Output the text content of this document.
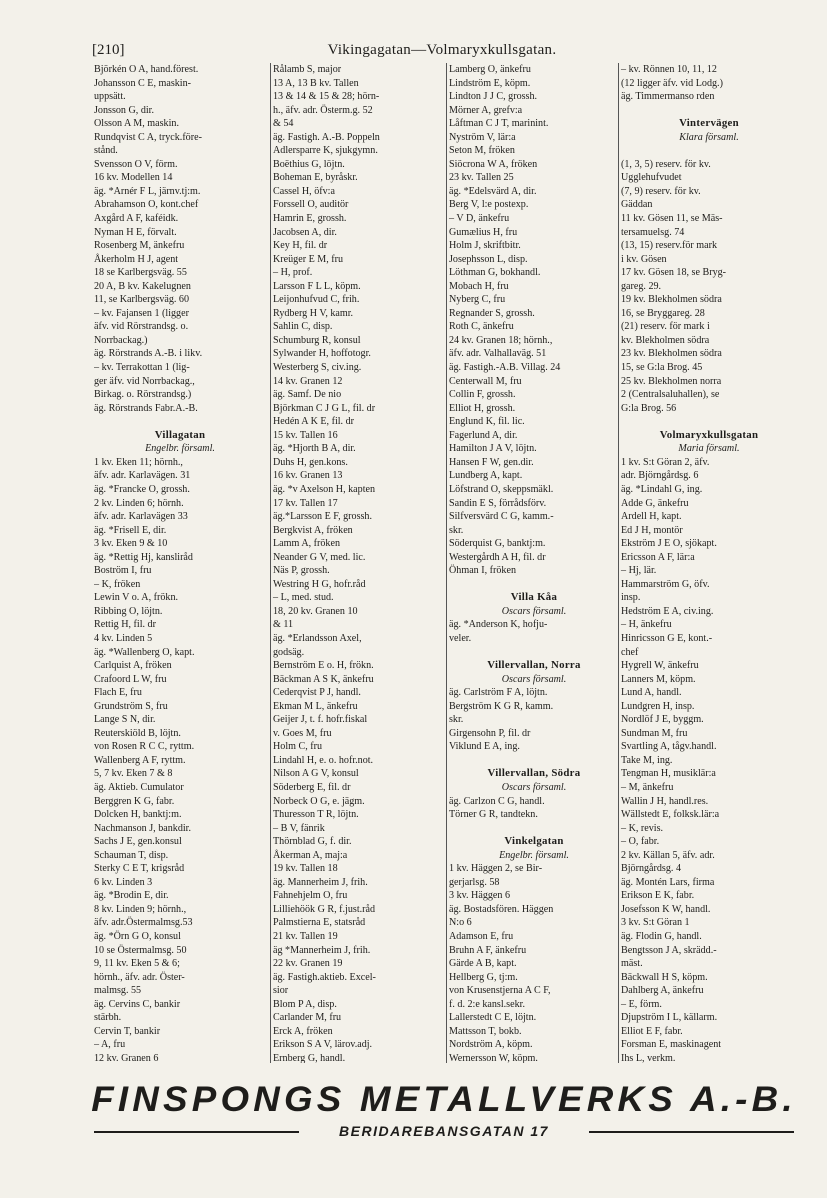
[210]	Vikingagatan—Volmaryxkullsgatan.
Björkén O A, hand.förest.
Johansson C E, maskin-
uppsätt.
Jonsson G, dir.
Olsson A M, maskin.
Rundqvist C A, tryck.före-
stånd.
Svensson O V, förm.
16 kv. Modellen 14
äg. *Arnér F L, järnv.tj:m.
Abrahamson O, kont.chef
Axgård A F, kaféidk.
Nyman H E, förvalt.
Rosenberg M, änkefru
Åkerholm H J, agent
18 se Karlbergsväg. 55
20 A, B kv. Kakelugnen
11, se Karlbergsväg. 60
– kv. Fajansen 1 (ligger
äfv. vid Rörstrandsg. o.
Norrbackag.)
äg. Rörstrands A.-B. i likv.
– kv. Terrakottan 1 (lig-
ger äfv. vid Norrbackag.,
Birkag. o. Rörstrandsg.)
äg. Rörstrands Fabr.A.-B.
Villagatan
Engelbr. församl.
1 kv. Eken 11; hörnh.,
äfv. adr. Karlavägen. 31
äg. *Francke O, grossh.
2 kv. Linden 6; hörnh.
äfv. adr. Karlavägen 33
äg. *Frisell E, dir.
3 kv. Eken 9 & 10
äg. *Rettig Hj, kanslіråd
Boström I, fru
– K, fröken
Lewin V o. A, frökn.
Ribbing O, löjtn.
Rettig H, fil. dr
4 kv. Linden 5
äg. *Wallenberg O, kapt.
Carlquist A, fröken
Crafoord L W, fru
Flach E, fru
Grundström S, fru
Lange S N, dir.
Reuterskiöld B, löjtn.
von Rosen R C C, ryttm.
Wallenberg A F, ryttm.
5, 7 kv. Eken 7 & 8
äg. Aktieb. Cumulator
Berggren K G, fabr.
Dolcken H, banktj:m.
Nachmanson J, bankdir.
Sachs J E, gen.konsul
Schauman T, disp.
Sterky C E T, krigsråd
6 kv. Linden 3
äg. *Brodin E, dir.
8 kv. Linden 9; hörnh.,
äfv. adr.Östermalmsg.53
äg. *Örn G O, konsul
10 se Östermalmsg. 50
9, 11 kv. Eken 5 & 6;
hörnh., äfv. adr. Öster-
malmsg. 55
äg. Cervins C, bankir
stärbh.
Cervin T, bankir
– A, fru
12 kv. Granen 6
Rålamb S, major
13 A, 13 B kv. Tallen
13 & 14 & 15 & 28; hörn-
h., äfv. adr. Österm.g. 52
& 54
äg. Fastigh. A.-B. Poppeln
Adlersparre K, sjukgymn.
Boëthius G, löjtn.
Boheman E, byråskr.
Cassel H, öfv:a
Forssell O, auditör
Hamrin E, grossh.
Jacobsen A, dir.
Key H, fil. dr
Kreüger E M, fru
– H, prof.
Larsson F L L, köpm.
Leijonhufvud C, frih.
Rydberg H V, kamr.
Sahlin C, disp.
Schumburg R, konsul
Sylwander H, hoffotogr.
Westerberg S, civ.ing.
14 kv. Granen 12
äg. Samf. De nio
Björkman C J G L, fil. dr
Hedén A K E, fil. dr
15 kv. Tallen 16
äg. *Hjorth B A, dir.
Duhs H, gen.kons.
16 kv. Granen 13
äg. *v Axelson H, kapten
17 kv. Tallen 17
äg.*Larsson E F, grossh.
Bergkvist A, fröken
Lamm A, fröken
Neander G V, med. lic.
Näs P, grossh.
Westring H G, hofr.råd
– L, med. stud.
18, 20 kv. Granen 10
& 11
äg. *Erlandsson Axel,
godsäg.
Bernström E o. H, frökn.
Bäckman A S K, änkefru
Cederqvist P J, handl.
Ekman M L, änkefru
Geijer J, t. f. hofr.fiskal
v. Goes M, fru
Holm C, fru
Lindahl H, e. o. hofr.not.
Nilson A G V, konsul
Söderberg E, fil. dr
Norbeck O G, e. jägm.
Thuresson T R, löjtn.
– B V, fänrik
Thörnblad G, f. dir.
Åkerman A, maj:a
19 kv. Tallen 18
äg. Mannerheim J, frih.
Fahnehjelm O, fru
Lilliehöök G R, f.just.råd
Palmstierna E, statsråd
21 kv. Tallen 19
äg *Mannerheim J, frih.
22 kv. Granen 19
äg. Fastigh.aktieb. Excel-
sior
Blom P A, disp.
Carlander M, fru
Erck A, fröken
Erikson S A V, lärov.adj.
Ernberg G, handl.
Lamberg O, änkefru
Lindström E, köpm.
Lindton J J C, grossh.
Mörner A, grefv:a
Låftman C J T, marinint.
Nyström V, lär:a
Seton M, fröken
Siöcrona W A, fröken
23 kv. Tallen 25
äg. *Edelsvärd A, dir.
Berg V, l:e postexp.
– V D, änkefru
Gumælius H, fru
Holm J, skriftbitr.
Josephsson L, disp.
Löthman G, bokhandl.
Mobach H, fru
Nyberg C, fru
Regnander S, grossh.
Roth C, änkefru
24 kv. Granen 18; hörnh.,
äfv. adr. Valhallaväg. 51
äg. Fastigh.-A.B. Villag. 24
Centerwall M, fru
Collin F, grossh.
Elliot H, grossh.
Englund K, fil. lic.
Fagerlund A, dir.
Hamilton J A V, löjtn.
Hansen F W, gen.dir.
Lundberg A, kapt.
Löfstrand O, skeppsmäkl.
Sandin E S, förrådsförv.
Silfversvärd C G, kamm.-
skr.
Söderquist G, banktj:m.
Westergårdh A H, fil. dr
Öhman I, fröken
Villa Kåa
Oscars församl.
äg. *Anderson K, hofju-
veler.
Villervallan, Norra
Oscars församl.
äg. Carlström F A, löjtn.
Bergström K G R, kamm.
skr.
Girgensohn P, fil. dr
Viklund E A, ing.
Villervallan, Södra
Oscars församl.
äg. Carlzon C G, handl.
Törner G R, tandtekn.
Vinkelgatan
Engelbr. församl.
1 kv. Häggen 2, se Bir-
gerjarlsg. 58
3 kv. Häggen 6
äg. Bostadsfören. Häggen
N:o 6
Adamson E, fru
Bruhn A F, änkefru
Gärde A B, kapt.
Hellberg G, tj:m.
von Krusenstjerna A C F,
f. d. 2:e kansl.sekr.
Lallerstedt C E, löjtn.
Mattsson T, bokb.
Nordström A, köpm.
Wernersson W, köpm.
– kv. Rönnen 10, 11, 12
(12 ligger äfv. vid Lodg.)
äg. Timmermanso rden
Vintervägen
Klara församl.
(1, 3, 5) reserv. för kv.
Ugglehufvudet
(7, 9) reserv. för kv.
Gäddan
11 kv. Gösen 11, se Mäs-
tersamuelsg. 74
(13, 15) reserv.för mark
i kv. Gösen
17 kv. Gösen 18, se Bryg-
gareg. 29.
19 kv. Blekholmen södra
16, se Bryggareg. 28
(21) reserv. för mark i
kv. Blekholmen södra
23 kv. Blekholmen södra
15, se G:la Brog. 45
25 kv. Blekholmen norra
2 (Centralsaluhallen), se
G:la Brog. 56
Volmaryxkullsgatan
Maria församl.
1 kv. S:t Göran 2, äfv.
adr. Björngårdsg. 6
äg. *Lindahl G, ing.
Adde G, änkefru
Ardell H, kapt.
Ed J H, montör
Ekström J E O, sjökapt.
Ericsson A F, lär:a
– Hj, lär.
Hammarström G, öfv.
insp.
Hedström E A, civ.ing.
– H, änkefru
Hinricsson G E, kont.-
chef
Hygrell W, änkefru
Lanners M, köpm.
Lund A, handl.
Lundgren H, insp.
Nordlöf J E, byggm.
Sundman M, fru
Svartling A, tågv.handl.
Take M, ing.
Tengman H, musiklär:a
– M, änkefru
Wallin J H, handl.res.
Wällstedt E, folksk.lär:a
– K, revis.
– O, fabr.
2 kv. Källan 5, äfv. adr.
Björngårdsg. 4
äg. Montén Lars, firma
Erikson E K, fabr.
Josefsson K W, handl.
3 kv. S:t Göran 1
äg. Flodin G, handl.
Bengtsson J A, skrädd.-
mäst.
Bäckwall H S, köpm.
Dahlberg A, änkefru
– E, förm.
Djupström I L, källarm.
Elliot E F, fabr.
Forsman E, maskinagent
Ihs L, verkm.
FINSPONGS METALLVERKS A.-B.
BERIDAREBANSGATAN 17
